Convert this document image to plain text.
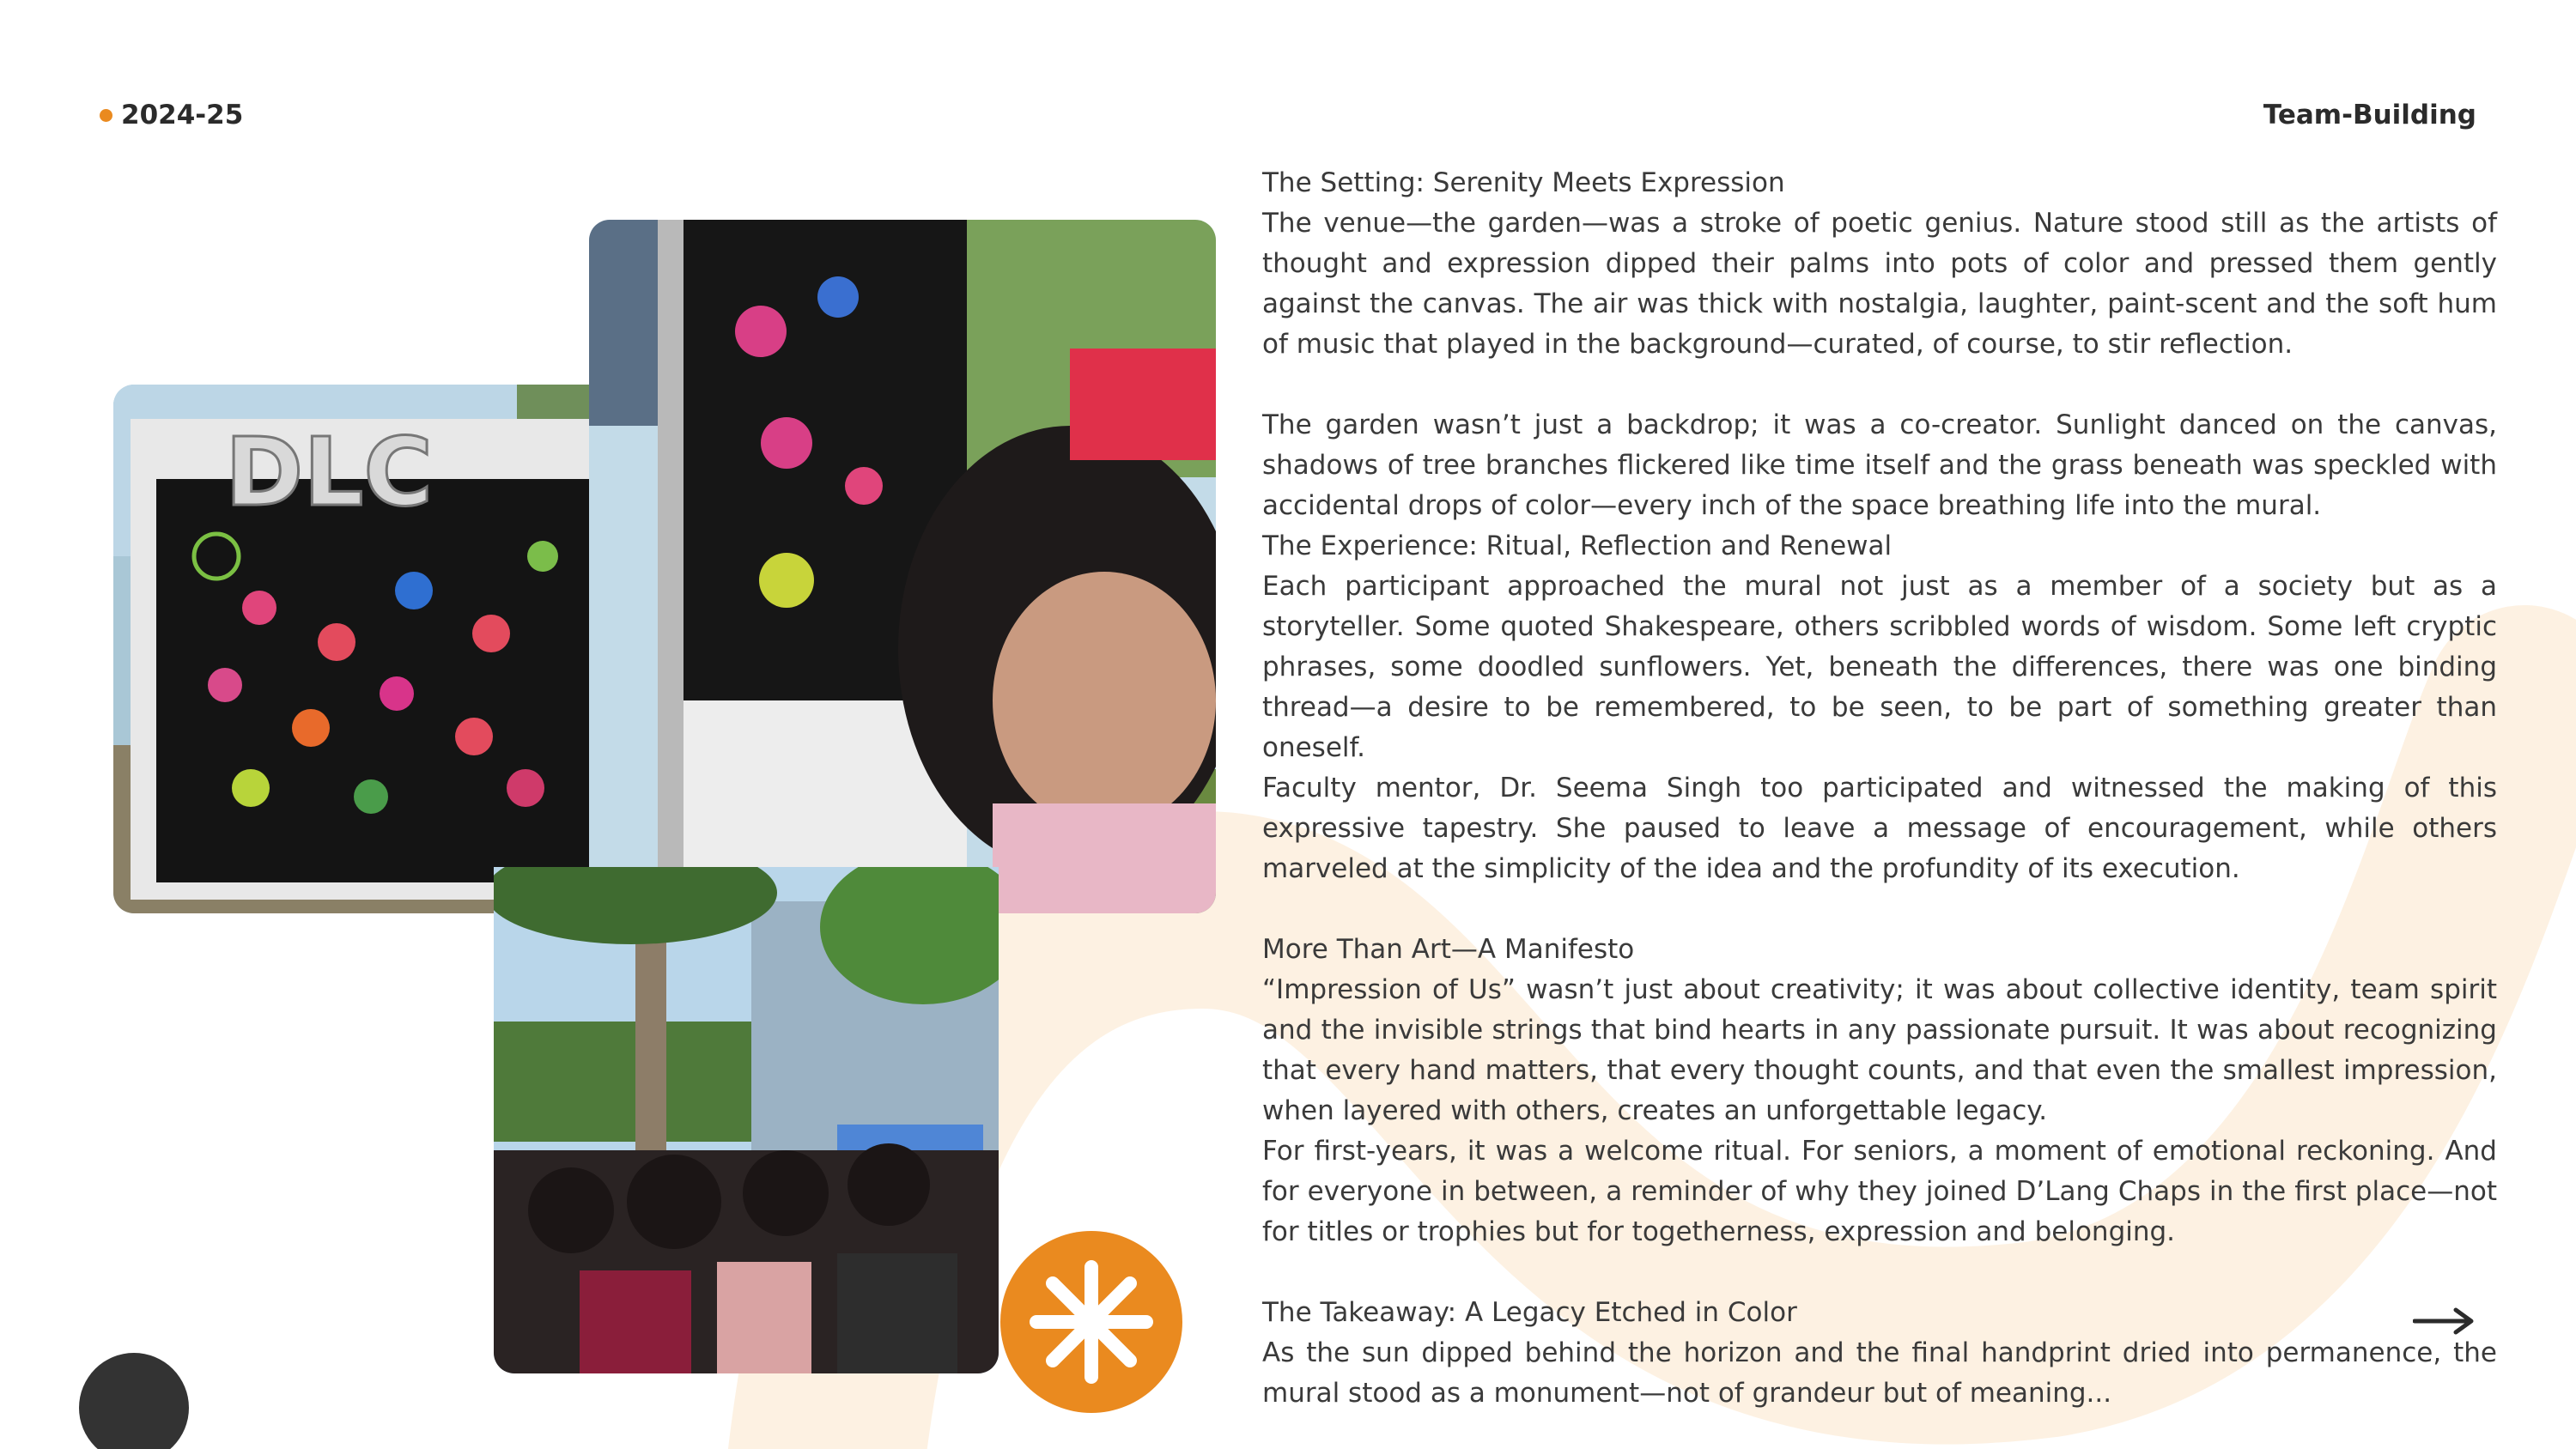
2024-25	Team-Building
DLC

The Setting: Serenity Meets Expression

The venue—the garden—was a stroke of poetic genius. Nature stood still as the artists of thought and expression dipped their palms into pots of color and pressed them gently against the canvas. The air was thick with nostalgia, laughter, paint-scent and the soft hum of music that played in the background—curated, of course, to stir reflection.

The garden wasn’t just a backdrop; it was a co-creator. Sunlight danced on the canvas, shadows of tree branches flickered like time itself and the grass beneath was speckled with accidental drops of color—every inch of the space breathing life into the mural.

The Experience: Ritual, Reflection and Renewal

Each participant approached the mural not just as a member of a society but as a storyteller. Some quoted Shakespeare, others scribbled words of wisdom. Some left cryptic phrases, some doodled sunflowers. Yet, beneath the differences, there was one binding thread—a desire to be remembered, to be seen, to be part of something greater than oneself.

Faculty mentor, Dr. Seema Singh too participated and witnessed the making of this expressive tapestry. She paused to leave a message of encouragement, while others marveled at the simplicity of the idea and the profundity of its execution.

More Than Art—A Manifesto

“Impression of Us” wasn’t just about creativity; it was about collective identity, team spirit and the invisible strings that bind hearts in any passionate pursuit. It was about recognizing that every hand matters, that every thought counts, and that even the smallest impression, when layered with others, creates an unforgettable legacy.

For first-years, it was a welcome ritual. For seniors, a moment of emotional reckoning. And for everyone in between, a reminder of why they joined D’Lang Chaps in the first place—not for titles or trophies but for togetherness, expression and belonging.

The Takeaway: A Legacy Etched in Color

As the sun dipped behind the horizon and the final handprint dried into permanence, the mural stood as a monument—not of grandeur but of meaning...
